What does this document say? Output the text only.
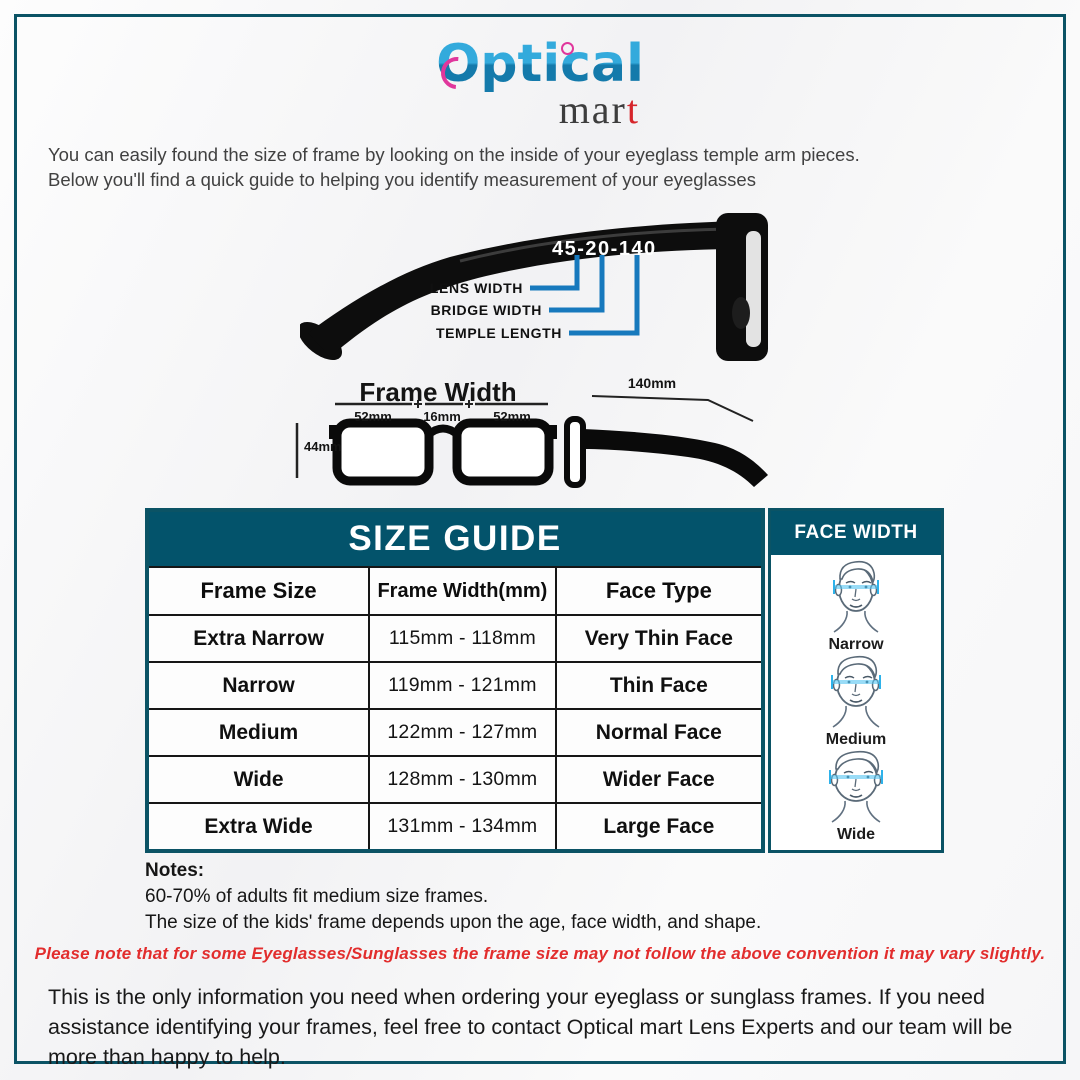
Optical
mart
You can easily found the size of frame by looking on the inside of your eyeglass temple arm pieces.
Below you'll find a quick guide to helping you identify measurement of your eyeglasses
45-20-140
LENS WIDTH
BRIDGE WIDTH
TEMPLE LENGTH
Frame Width
52mm	16mm	52mm
44mm
140mm
SIZE GUIDE
Frame Size	Frame Width(mm)	Face Type
Extra Narrow	115mm - 118mm	Very Thin Face
Narrow	119mm - 121mm	Thin Face
Medium	122mm - 127mm	Normal Face
Wide	128mm - 130mm	Wider Face
Extra Wide	131mm - 134mm	Large Face
FACE WIDTH
Narrow
Medium
Wide
Notes:
60-70% of adults fit medium size frames.
The size of the kids' frame depends upon the age, face width, and shape.
Please note that for some Eyeglasses/Sunglasses the frame size may not follow the above convention it may vary slightly.
This is the only information you need when ordering your eyeglass or sunglass frames. If you need assistance identifying your frames, feel free to contact Optical mart Lens Experts and our team will be more than happy to help.
